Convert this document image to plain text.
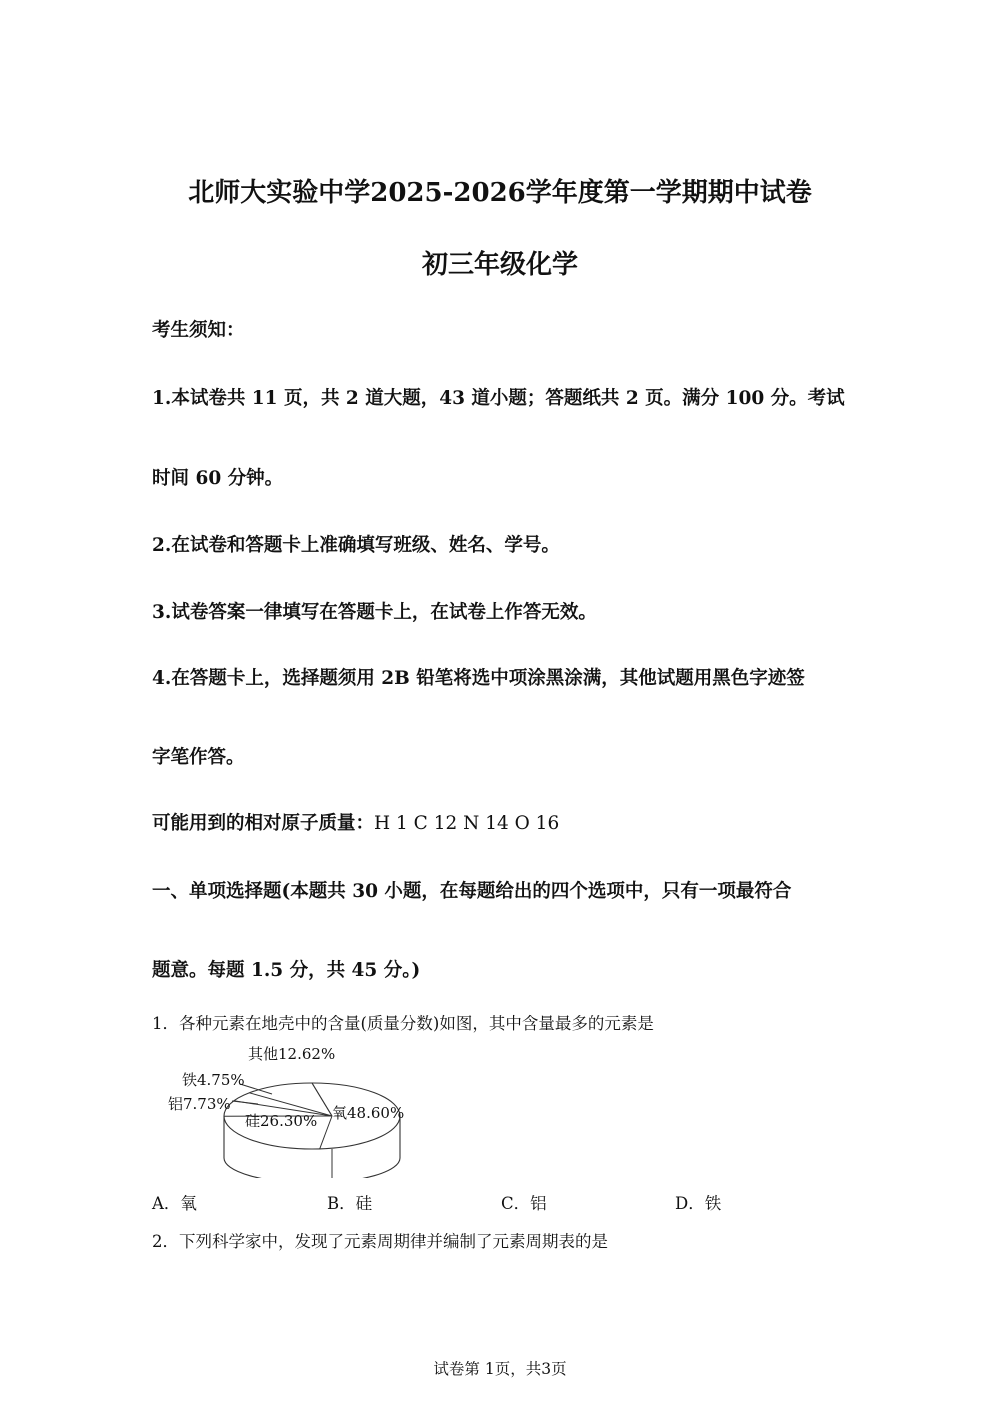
北师大实验中学2025-2026学年度第一学期期中试卷
初三年级化学
考生须知：
1.本试卷共 11 页，共 2 道大题，43 道小题；答题纸共 2 页。满分 100 分。考试
时间 60 分钟。
2.在试卷和答题卡上准确填写班级、姓名、学号。
3.试卷答案一律填写在答题卡上，在试卷上作答无效。
4.在答题卡上，选择题须用 2B 铅笔将选中项涂黑涂满，其他试题用黑色字迹签
字笔作答。
可能用到的相对原子质量：H 1 C 12 N 14 O 16
一、单项选择题(本题共 30 小题，在每题给出的四个选项中，只有一项最符合
题意。每题 1.5 分，共 45 分。)
1．各种元素在地壳中的含量(质量分数)如图，其中含量最多的元素是
其他12.62%
铁4.75%
铝7.73%
硅26.30% 氧48.60%
A．氧	B．硅	C．铝	D．铁
2．下列科学家中，发现了元素周期律并编制了元素周期表的是
试卷第 1页，共3页
